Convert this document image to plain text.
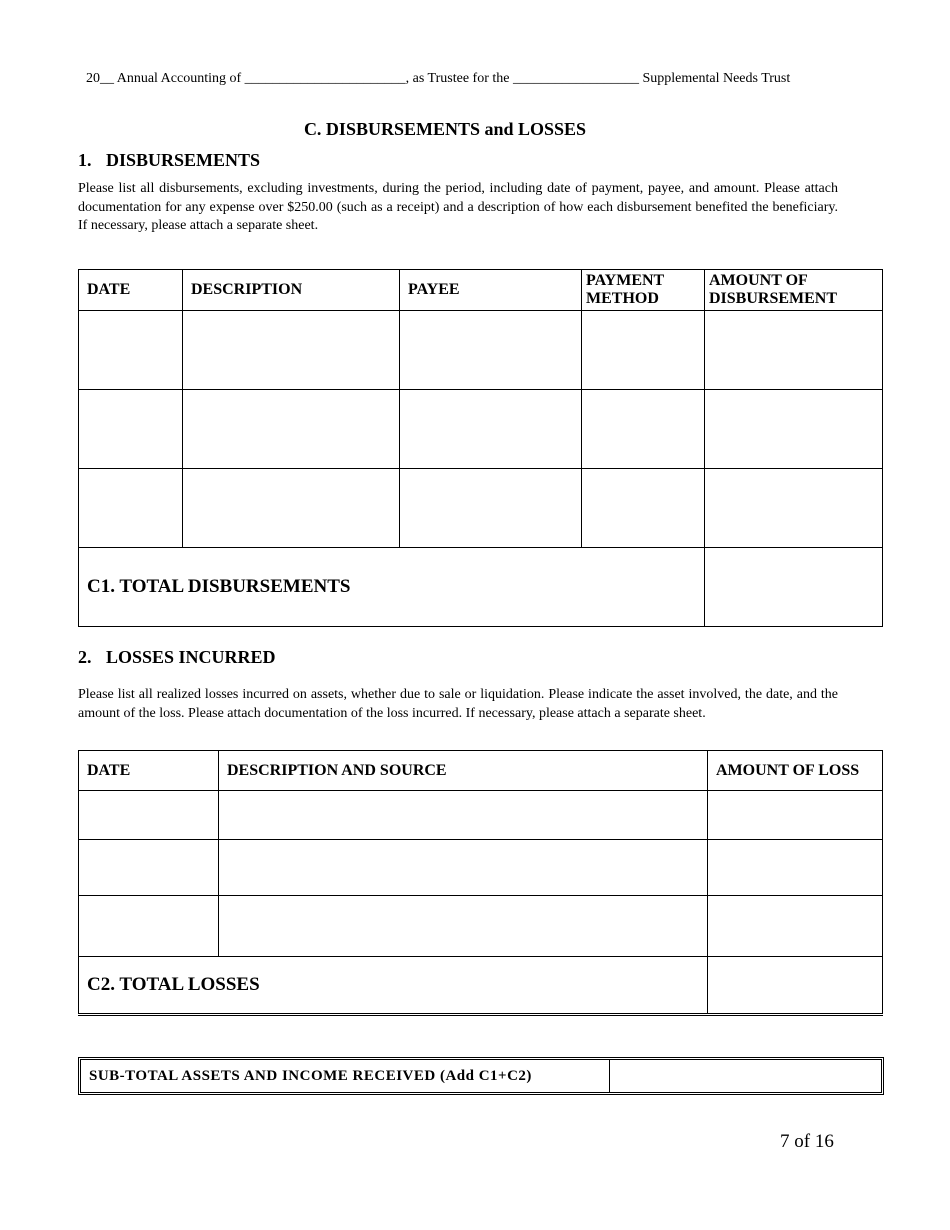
20__ Annual Accounting of _______________________, as Trustee for the __________________ Supplemental Needs Trust
C. DISBURSEMENTS and LOSSES
1. DISBURSEMENTS
Please list all disbursements, excluding investments, during the period, including date of payment, payee, and amount. Please attach documentation for any expense over $250.00 (such as a receipt) and a description of how each disbursement benefited the beneficiary. If necessary, please attach a separate sheet.
DATE	DESCRIPTION	PAYEE	PAYMENT METHOD	AMOUNT OF DISBURSEMENT

C1. TOTAL DISBURSEMENTS				
2. LOSSES INCURRED
Please list all realized losses incurred on assets, whether due to sale or liquidation. Please indicate the asset involved, the date, and the amount of the loss. Please attach documentation of the loss incurred. If necessary, please attach a separate sheet.
DATE	DESCRIPTION AND SOURCE	AMOUNT OF LOSS

C2. TOTAL LOSSES		
SUB-TOTAL ASSETS AND INCOME RECEIVED (Add C1+C2)
7 of 16
